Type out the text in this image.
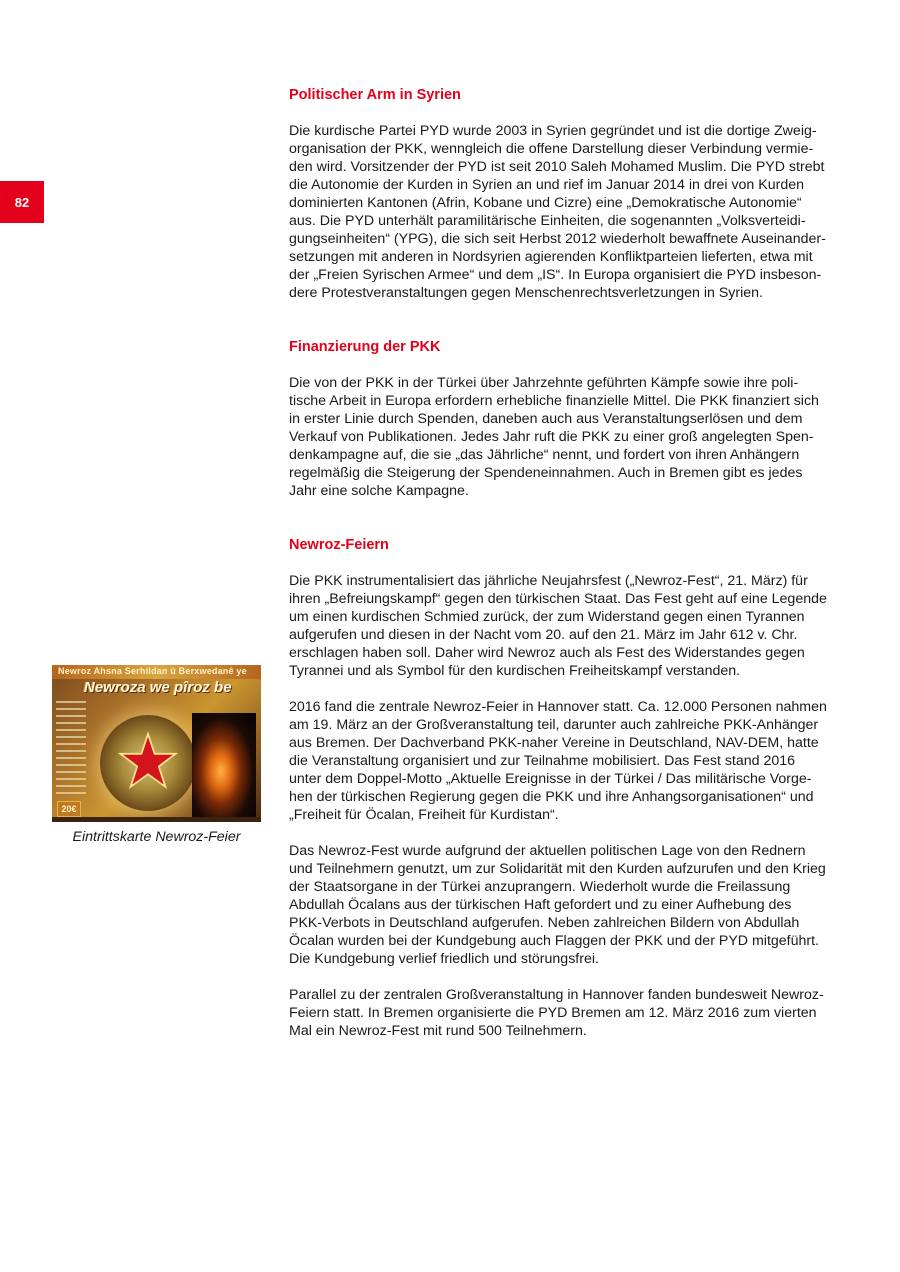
82
Politischer Arm in Syrien

Die kurdische Partei PYD wurde 2003 in Syrien gegründet und ist die dortige Zweig-
organisation der PKK, wenngleich die offene Darstellung dieser Verbindung vermie-
den wird. Vorsitzender der PYD ist seit 2010 Saleh Mohamed Muslim. Die PYD strebt
die Autonomie der Kurden in Syrien an und rief im Januar 2014 in drei von Kurden
dominierten Kantonen (Afrin, Kobane und Cizre) eine „Demokratische Autonomie“
aus. Die PYD unterhält paramilitärische Einheiten, die sogenannten „Volksverteidi-
gungseinheiten“ (YPG), die sich seit Herbst 2012 wiederholt bewaffnete Auseinander-
setzungen mit anderen in Nordsyrien agierenden Konfliktparteien lieferten, etwa mit
der „Freien Syrischen Armee“ und dem „IS“. In Europa organisiert die PYD insbeson-
dere Protestveranstaltungen gegen Menschenrechtsverletzungen in Syrien.

Finanzierung der PKK

Die von der PKK in der Türkei über Jahrzehnte geführten Kämpfe sowie ihre poli-
tische Arbeit in Europa erfordern erhebliche finanzielle Mittel. Die PKK finanziert sich
in erster Linie durch Spenden, daneben auch aus Veranstaltungserlösen und dem
Verkauf von Publikationen. Jedes Jahr ruft die PKK zu einer groß angelegten Spen-
denkampagne auf, die sie „das Jährliche“ nennt, und fordert von ihren Anhängern
regelmäßig die Steigerung der Spendeneinnahmen. Auch in Bremen gibt es jedes
Jahr eine solche Kampagne.

Newroz-Feiern

Die PKK instrumentalisiert das jährliche Neujahrsfest („Newroz-Fest“, 21. März) für
ihren „Befreiungskampf“ gegen den türkischen Staat. Das Fest geht auf eine Legende
um einen kurdischen Schmied zurück, der zum Widerstand gegen einen Tyrannen
aufgerufen und diesen in der Nacht vom 20. auf den 21. März im Jahr 612 v. Chr.
erschlagen haben soll. Daher wird Newroz auch als Fest des Widerstandes gegen
Tyrannei und als Symbol für den kurdischen Freiheitskampf verstanden.

2016 fand die zentrale Newroz-Feier in Hannover statt. Ca. 12.000 Personen nahmen
am 19. März an der Großveranstaltung teil, darunter auch zahlreiche PKK-Anhänger
aus Bremen. Der Dachverband PKK-naher Vereine in Deutschland, NAV-DEM, hatte
die Veranstaltung organisiert und zur Teilnahme mobilisiert. Das Fest stand 2016
unter dem Doppel-Motto „Aktuelle Ereignisse in der Türkei / Das militärische Vorge-
hen der türkischen Regierung gegen die PKK und ihre Anhangsorganisationen“ und
„Freiheit für Öcalan, Freiheit für Kurdistan“.

Das Newroz-Fest wurde aufgrund der aktuellen politischen Lage von den Rednern
und Teilnehmern genutzt, um zur Solidarität mit den Kurden aufzurufen und den Krieg
der Staatsorgane in der Türkei anzuprangern. Wiederholt wurde die Freilassung
Abdullah Öcalans aus der türkischen Haft gefordert und zu einer Aufhebung des
PKK-Verbots in Deutschland aufgerufen. Neben zahlreichen Bildern von Abdullah
Öcalan wurden bei der Kundgebung auch Flaggen der PKK und der PYD mitgeführt.
Die Kundgebung verlief friedlich und störungsfrei.

Parallel zu der zentralen Großveranstaltung in Hannover fanden bundesweit Newroz-
Feiern statt. In Bremen organisierte die PYD Bremen am 12. März 2016 zum vierten
Mal ein Newroz-Fest mit rund 500 Teilnehmern.

Newroz Ahsna Serhildan û Berxwedanê ye
Newroza we pîroz be
20€
Eintrittskarte Newroz-Feier
